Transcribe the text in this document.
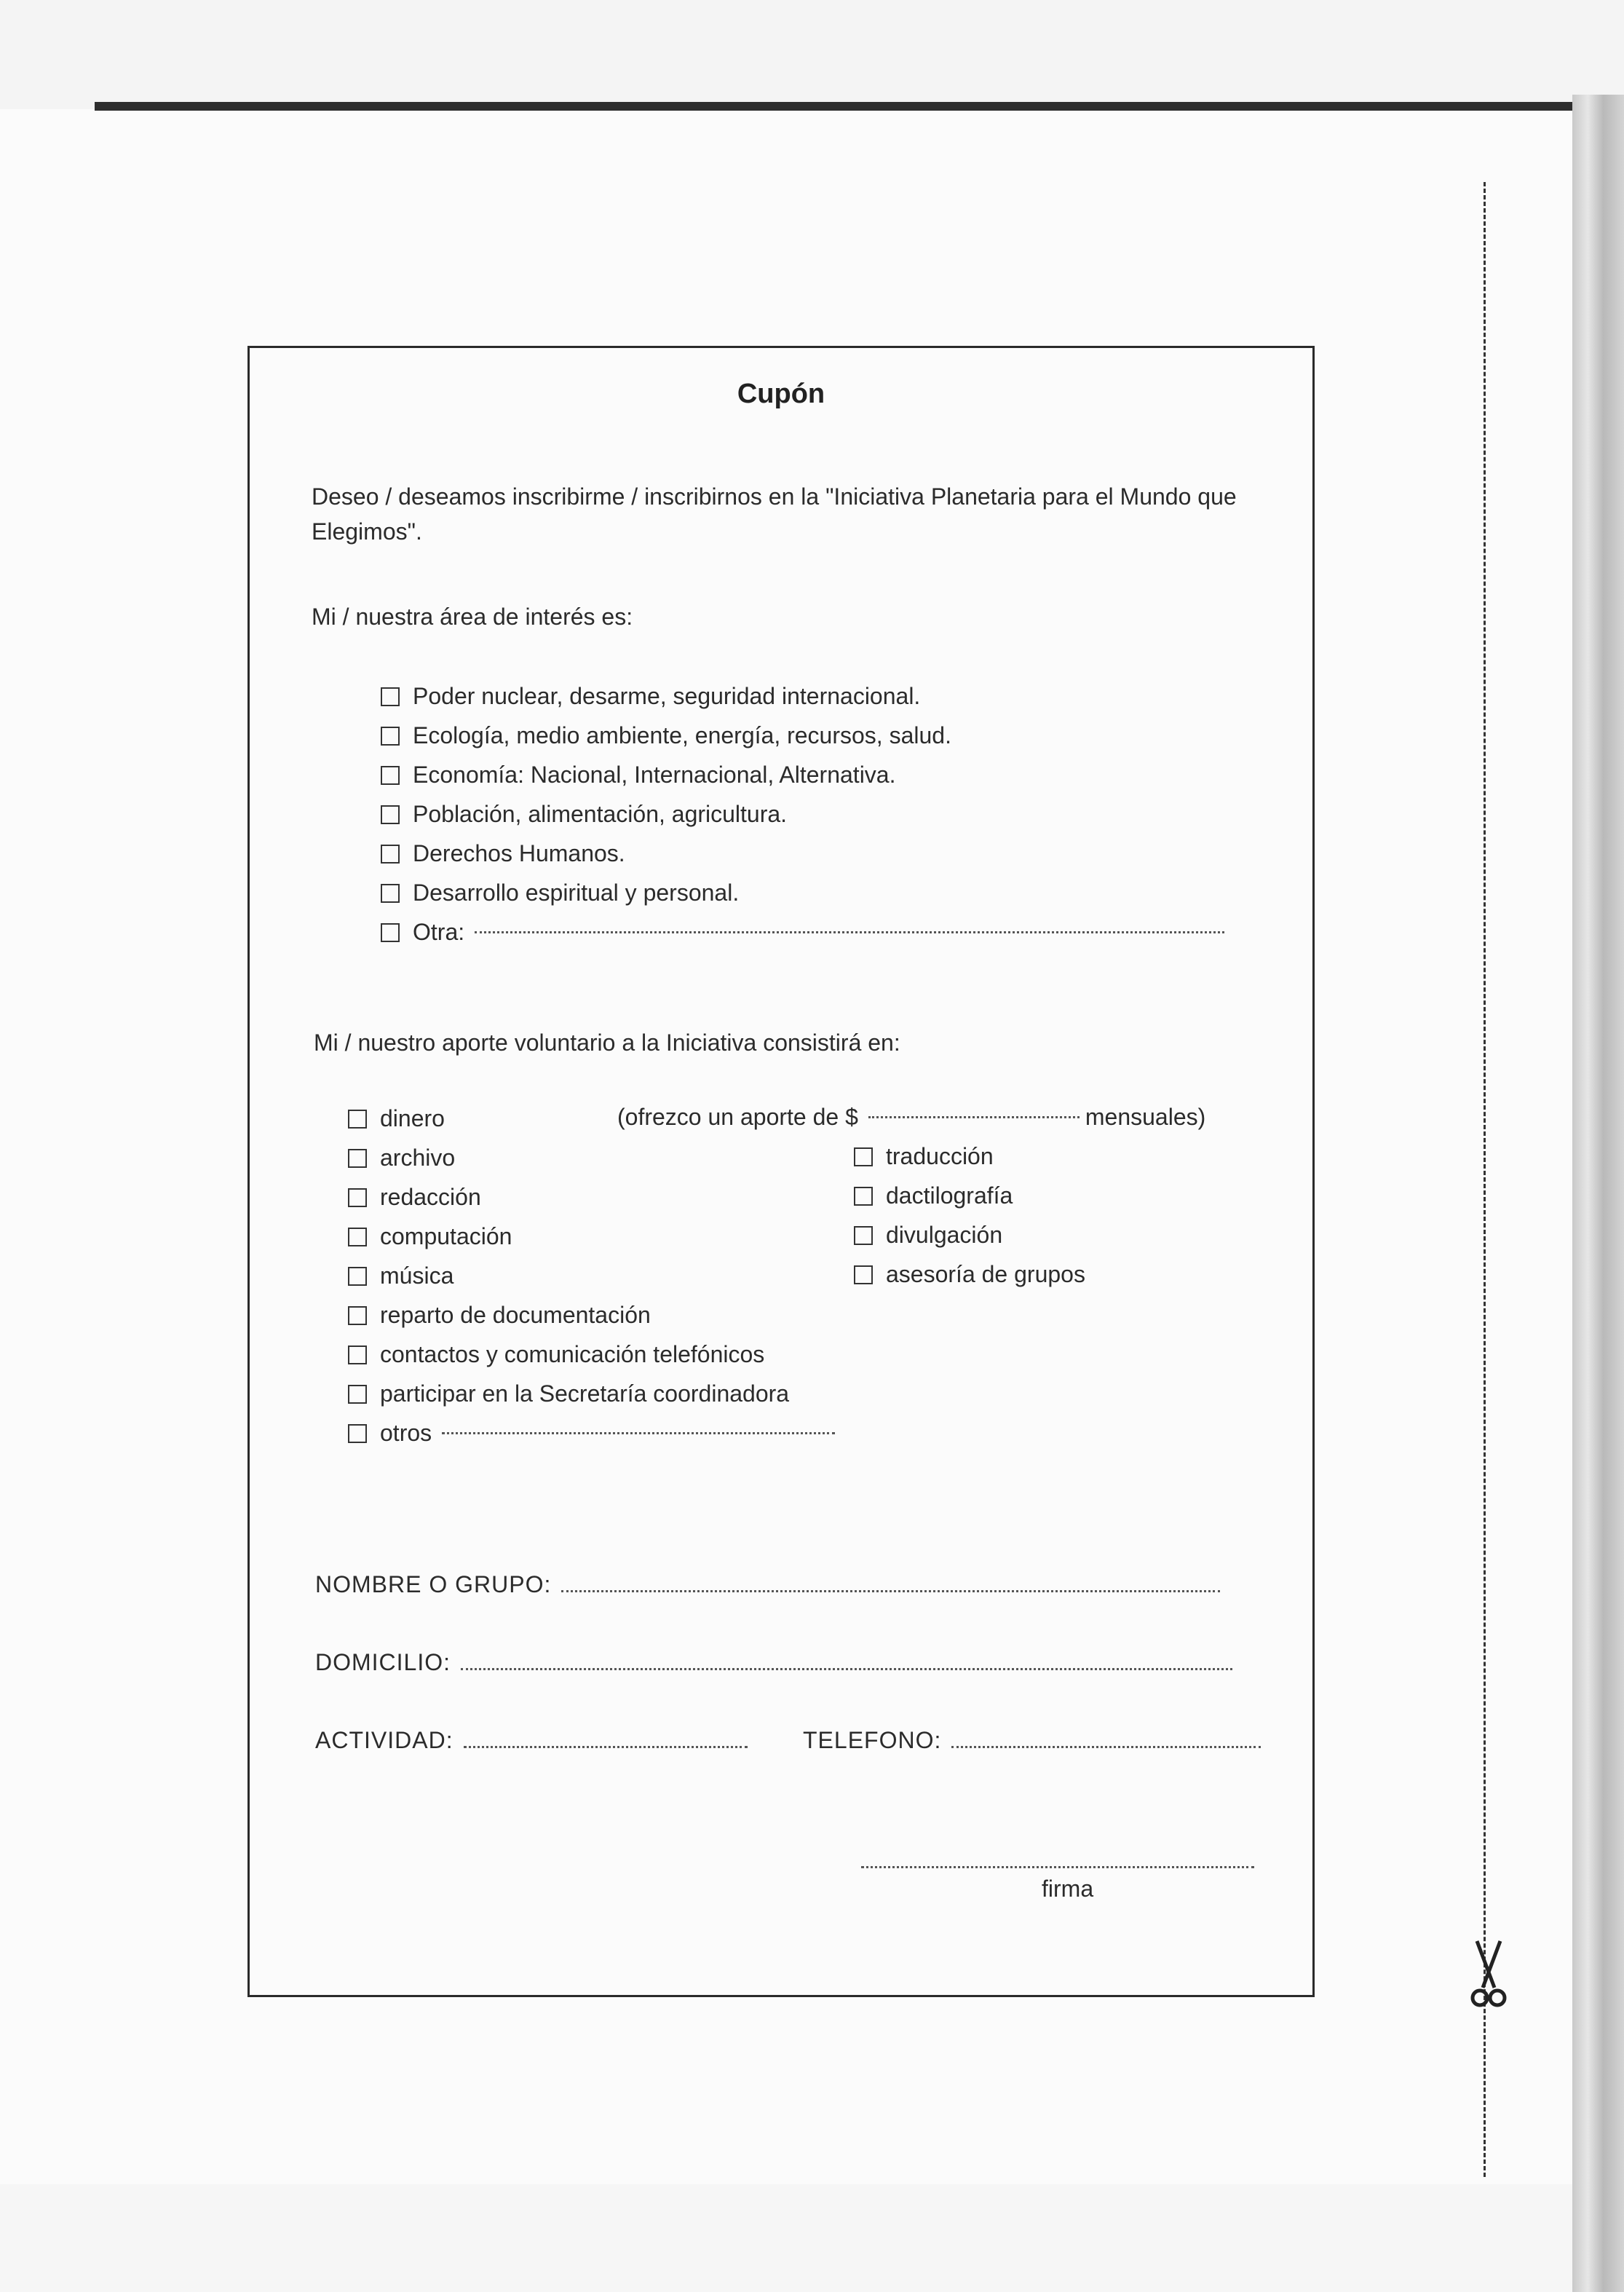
Cupón
Deseo / deseamos inscribirme / inscribirnos en la "Iniciativa Planetaria para el Mundo que Elegimos".
Mi / nuestra área de interés es:
Poder nuclear, desarme, seguridad internacional.
Ecología, medio ambiente, energía, recursos, salud.
Economía: Nacional, Internacional, Alternativa.
Población, alimentación, agricultura.
Derechos Humanos.
Desarrollo espiritual y personal.
Otra:
Mi / nuestro aporte voluntario a la Iniciativa consistirá en:
dinero	(ofrezco un aporte de $	mensuales)
archivo
redacción
computación
música
reparto de documentación
contactos y comunicación telefónicos
participar en la Secretaría coordinadora
otros
traducción
dactilografía
divulgación
asesoría de grupos
NOMBRE O GRUPO:
DOMICILIO:
ACTIVIDAD:	TELEFONO:
firma
